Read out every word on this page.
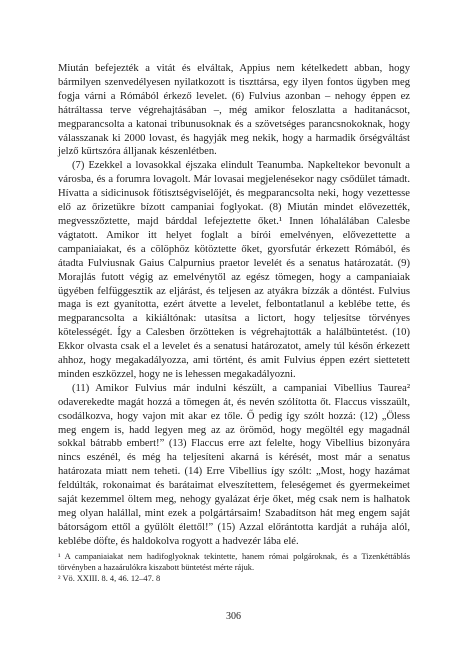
Miután befejezték a vitát és elváltak, Appius nem kételkedett abban, hogy bármilyen szenvedélyesen nyilatkozott is tiszttársa, egy ilyen fontos ügyben meg fogja várni a Rómából érkező levelet. (6) Fulvius azonban – nehogy éppen ez hátráltassa terve végrehajtásában –, még amikor feloszlatta a haditanácsot, megparancsolta a katonai tribunusoknak és a szövetséges parancsnokoknak, hogy válasszanak ki 2000 lovast, és hagyják meg nekik, hogy a harmadik őrségváltást jelző kürtszóra álljanak készenlétben.

(7) Ezekkel a lovasokkal éjszaka elindult Teanumba. Napkeltekor bevonult a városba, és a forumra lovagolt. Már lovasai megjelenésekor nagy csődület támadt. Hívatta a sidicinusok főtisztségviselőjét, és megparancsolta neki, hogy vezettesse elő az őrizetükre bízott campaniai foglyokat. (8) Miután mindet elővezették, megvesszőztette, majd bárddal lefejeztette őket.¹ Innen lóhalálában Calesbe vágtatott. Amikor itt helyet foglalt a bírói emelvényen, elővezettette a campaniaiakat, és a cölöphöz kötöztette őket, gyorsfutár érkezett Rómából, és átadta Fulviusnak Gaius Calpurnius praetor levelét és a senatus határozatát. (9) Morajlás futott végig az emelvénytől az egész tömegen, hogy a campaniaiak ügyében felfüggesztik az eljárást, és teljesen az atyákra bízzák a döntést. Fulvius maga is ezt gyanította, ezért átvette a levelet, felbontatlanul a keblébe tette, és megparancsolta a kikiáltónak: utasítsa a lictort, hogy teljesítse törvényes kötelességét. Így a Calesben őrzötteken is végrehajtották a halálbüntetést. (10) Ekkor olvasta csak el a levelet és a senatusi határozatot, amely túl későn érkezett ahhoz, hogy megakadályozza, ami történt, és amit Fulvius éppen ezért siettetett minden eszközzel, hogy ne is lehessen megakadályozni.

(11) Amikor Fulvius már indulni készült, a campaniai Vibellius Taurea² odaverekedte magát hozzá a tömegen át, és nevén szólította őt. Flaccus visszaült, csodálkozva, hogy vajon mit akar ez tőle. Ő pedig így szólt hozzá: (12) „Öless meg engem is, hadd legyen meg az az örömöd, hogy megöltél egy magadnál sokkal bátrabb embert!” (13) Flaccus erre azt felelte, hogy Vibellius bizonyára nincs eszénél, és még ha teljesíteni akarná is kérését, most már a senatus határozata miatt nem teheti. (14) Erre Vibellius így szólt: „Most, hogy hazámat feldúlták, rokonaimat és barátaimat elveszítettem, feleségemet és gyermekeimet saját kezemmel öltem meg, nehogy gyalázat érje őket, még csak nem is halhatok meg olyan halállal, mint ezek a polgártársaim! Szabadítson hát meg engem saját bátorságom ettől a gyűlölt élettől!” (15) Azzal előrántotta kardját a ruhája alól, keblébe döfte, és haldokolva rogyott a hadvezér lába elé.

¹ A campaniaiakat nem hadifoglyoknak tekintette, hanem római polgároknak, és a Tizenkéttáblás törvényben a hazaárulókra kiszabott büntetést mérte rájuk.

² Vö. XXIII. 8. 4, 46. 12–47. 8

306
